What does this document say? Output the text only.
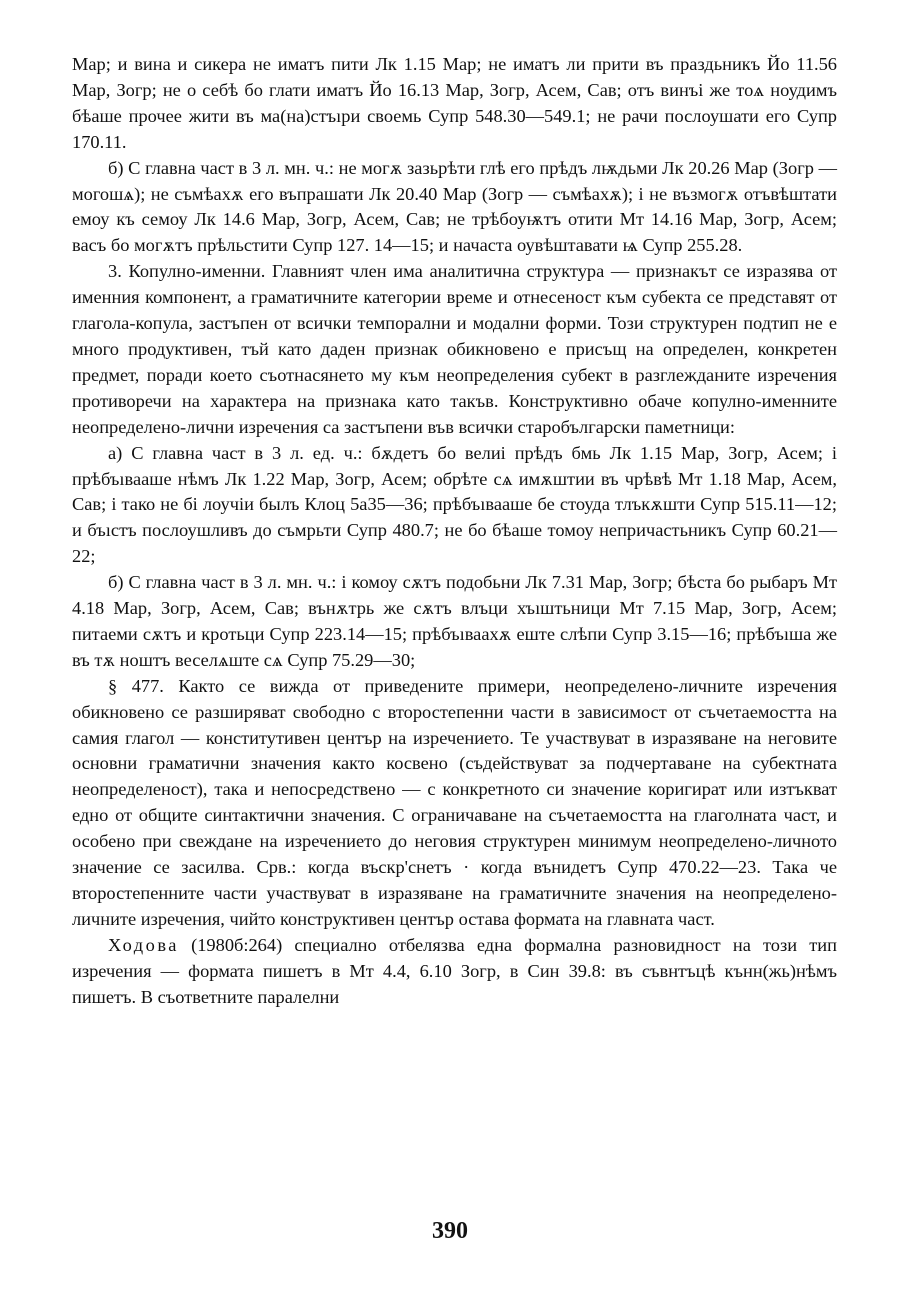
Мар; и вина и сикера не иматъ пити Лк 1.15 Мар; не иматъ ли прити въ праздьникъ Йо 11.56 Мар, Зогр; не о себѣ бо глати иматъ Йо 16.13 Мар, Зогр, Асем, Сав; отъ винъі же тоѧ ноудимъ бѣаше прочее жити въ ма(на)стъıри своемь Супр 548.30—549.1; не рачи послоушати его Супр 170.11.

б) С главна част в 3 л. мн. ч.: не могѫ зазьрѣти глѣ его прѣдъ лѭдьми Лк 20.26 Мар (Зогр — могошѧ); не съмѣахѫ его въпрашати Лк 20.40 Мар (Зогр — съмѣахѫ); і не възмогѫ отъвѣштати емоу къ семоу Лк 14.6 Мар, Зогр, Асем, Сав; не трѣбоуѭтъ отити Мт 14.16 Мар, Зогр, Асем; васъ бо могѫтъ прѣльстити Супр 127. 14—15; и начаста оувѣштавати ѩ Супр 255.28.

3. Копулно-именни. Главният член има аналитична структура — признакът се изразява от именния компонент, а граматичните категории време и отнесеност към субекта се представят от глагола-копула, застъпен от всички темпорални и модални форми. Този структурен подтип не е много продуктивен, тъй като даден признак обикновено е присъщ на определен, конкретен предмет, поради което съотнасянето му към неопределения субект в разглежданите изречения противоречи на характера на признака като такъв. Конструктивно обаче копулно-именните неопределено-лични изречения са застъпени във всички старобългарски паметници:

а) С главна част в 3 л. ед. ч.: бѫдетъ бо велиі прѣдъ бмь Лк 1.15 Мар, Зогр, Асем; і прѣбъıвааше нѣмъ Лк 1.22 Мар, Зогр, Асем; обрѣте сѧ имѫштии въ чрѣвѣ Мт 1.18 Мар, Асем, Сав; і тако не бі лоучіи былъ Клоц 5а35—36; прѣбъıвааше бе стоуда тлъкѫшти Супр 515.11—12; и бъıстъ послоушливъ до съмрьти Супр 480.7; не бо бѣаше томоу непричастьникъ Супр 60.21—22;

б) С главна част в 3 л. мн. ч.: і комоу сѫтъ подобьни Лк 7.31 Мар, Зогр; бѣста бо рыбаръ Мт 4.18 Мар, Зогр, Асем, Сав; вънѫтрь же сѫтъ влъци хъıштьници Мт 7.15 Мар, Зогр, Асем; питаеми сѫтъ и кротьци Супр 223.14—15; прѣбъıваахѫ еште слѣпи Супр 3.15—16; прѣбъıша же въ тѫ ноштъ веселѧште сѧ Супр 75.29—30;

§ 477. Както се вижда от приведените примери, неопределено-личните изречения обикновено се разширяват свободно с второстепенни части в зависимост от съчетаемостта на самия глагол — конститутивен център на изречението. Те участвуват в изразяване на неговите основни граматични значения както косвено (съдействуват за подчертаване на субектната неопределеност), така и непосредствено — с конкретното си значение коригират или изтъкват едно от общите синтактични значения. С ограничаване на съчетаемостта на глаголната част, и особено при свеждане на изречението до неговия структурен минимум неопределено-личното значение се засилва. Срв.: когда въскр'снетъ · когда вънидетъ Супр 470.22—23. Така че второстепенните части участвуват в изразяване на граматичните значения на неопределено-личните изречения, чийто конструктивен център остава формата на главната част.

Ходова (1980б:264) специално отбелязва една формална разновидност на този тип изречения — формата пишетъ в Мт 4.4, 6.10 Зогр, в Син 39.8: въ съвнтъцѣ кънн(жь)нѣмъ пишетъ. В съответните паралелни

390
